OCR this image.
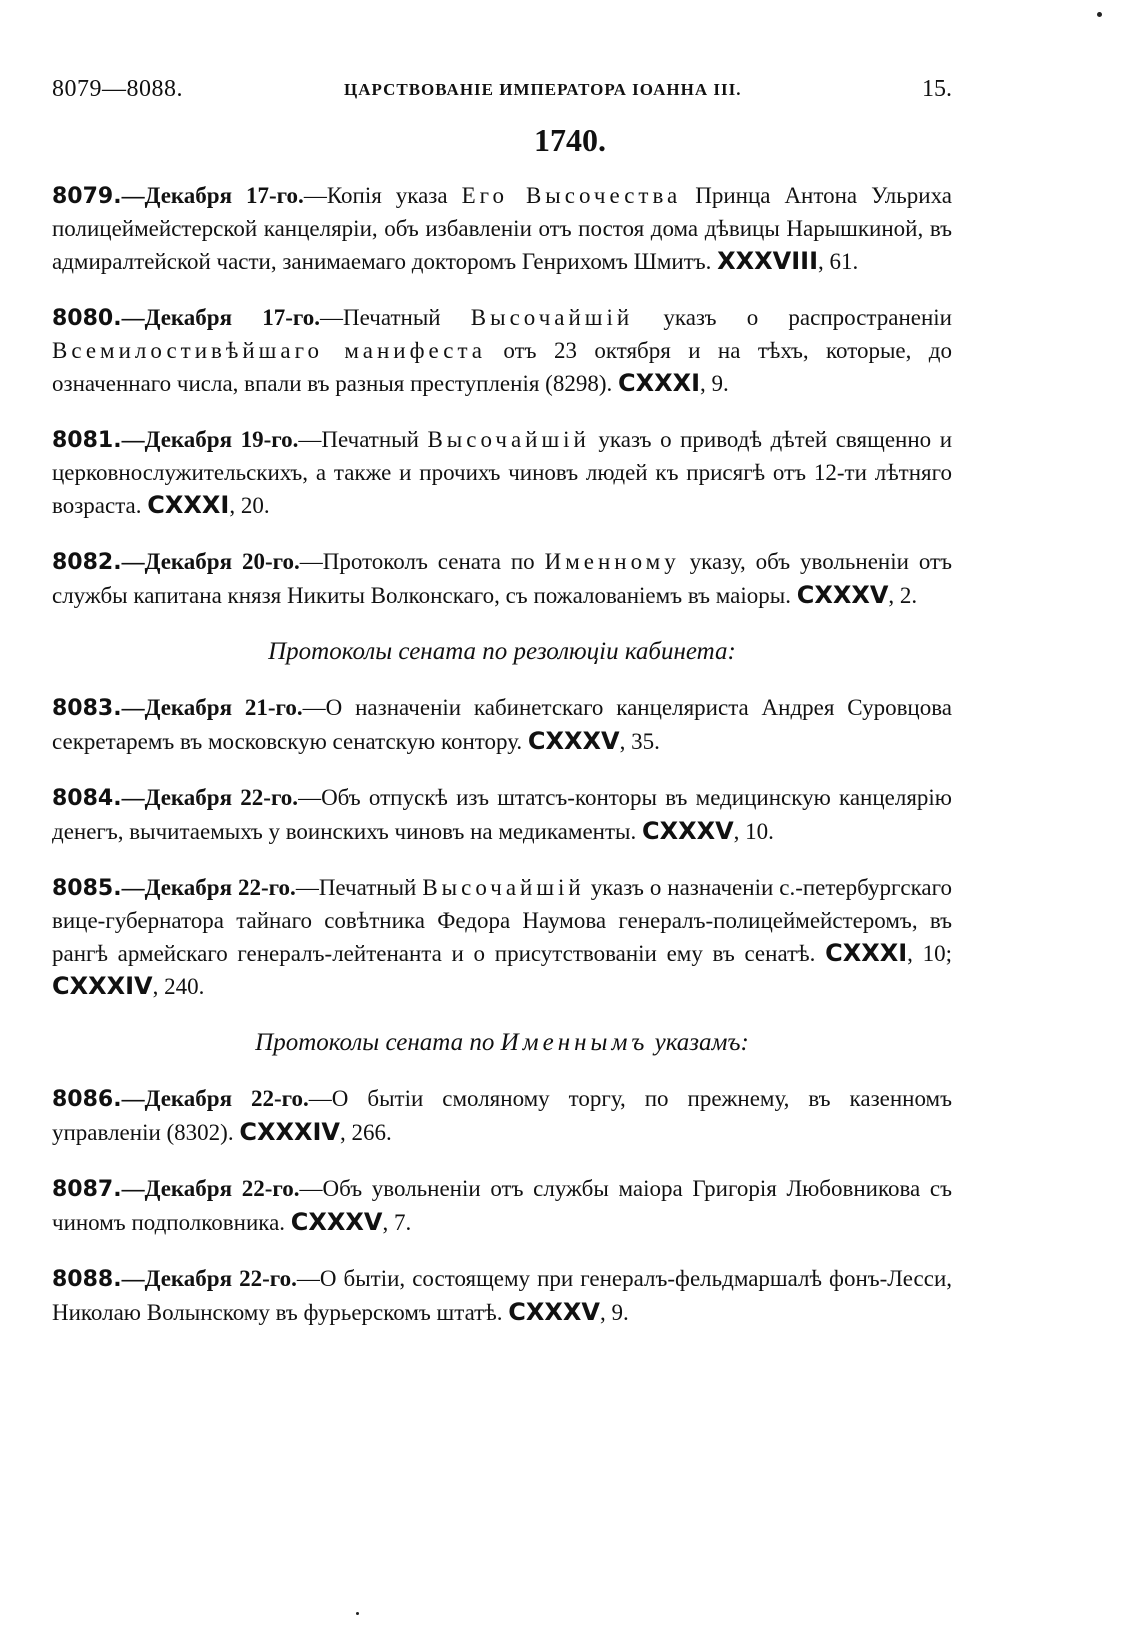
8079—8088.	ЦАРСТВОВАНІЕ ИМПЕРАТОРА ІОАННА III.	15.
1740.

8079.—Декабря 17-го.—Копія указа Его Высочества Принца Антона Ульриха полицеймейстерской канцеляріи, объ избавленіи отъ постоя дома дѣвицы Нарышкиной, въ адмиралтейской части, занимаемаго докторомъ Генрихомъ Шмитъ. XXXVIII, 61.

8080.—Декабря 17-го.—Печатный Высочайшій указъ о распространеніи Всемилостивѣйшаго манифеста отъ 23 октября и на тѣхъ, которые, до означеннаго числа, впали въ разныя преступленія (8298). CXXXI, 9.

8081.—Декабря 19-го.—Печатный Высочайшій указъ о приводѣ дѣтей священно и церковнослужительскихъ, а также и прочихъ чиновъ людей къ присягѣ отъ 12-ти лѣтняго возраста. CXXXI, 20.

8082.—Декабря 20-го.—Протоколъ сената по Именному указу, объ увольненіи отъ службы капитана князя Никиты Волконскаго, съ пожалованіемъ въ маіоры. CXXXV, 2.

Протоколы сената по резолюціи кабинета:

8083.—Декабря 21-го.—О назначеніи кабинетскаго канцеляриста Андрея Суровцова секретаремъ въ московскую сенатскую контору. CXXXV, 35.

8084.—Декабря 22-го.—Объ отпускѣ изъ штатсъ-конторы въ медицинскую канцелярію денегъ, вычитаемыхъ у воинскихъ чиновъ на медикаменты. CXXXV, 10.

8085.—Декабря 22-го.—Печатный Высочайшій указъ о назначеніи с.-петербургскаго вице-губернатора тайнаго совѣтника Федора Наумова генералъ-полицеймейстеромъ, въ рангѣ армейскаго генералъ-лейтенанта и о присутствованіи ему въ сенатѣ. CXXXI, 10; CXXXIV, 240.

Протоколы сената по Именнымъ указамъ:

8086.—Декабря 22-го.—О бытіи смоляному торгу, по прежнему, въ казенномъ управленіи (8302). CXXXIV, 266.

8087.—Декабря 22-го.—Объ увольненіи отъ службы маіора Григорія Любовникова съ чиномъ подполковника. CXXXV, 7.

8088.—Декабря 22-го.—О бытіи, состоящему при генералъ-фельдмаршалѣ фонъ-Лесси, Николаю Волынскому въ фурьерскомъ штатѣ. CXXXV, 9.
